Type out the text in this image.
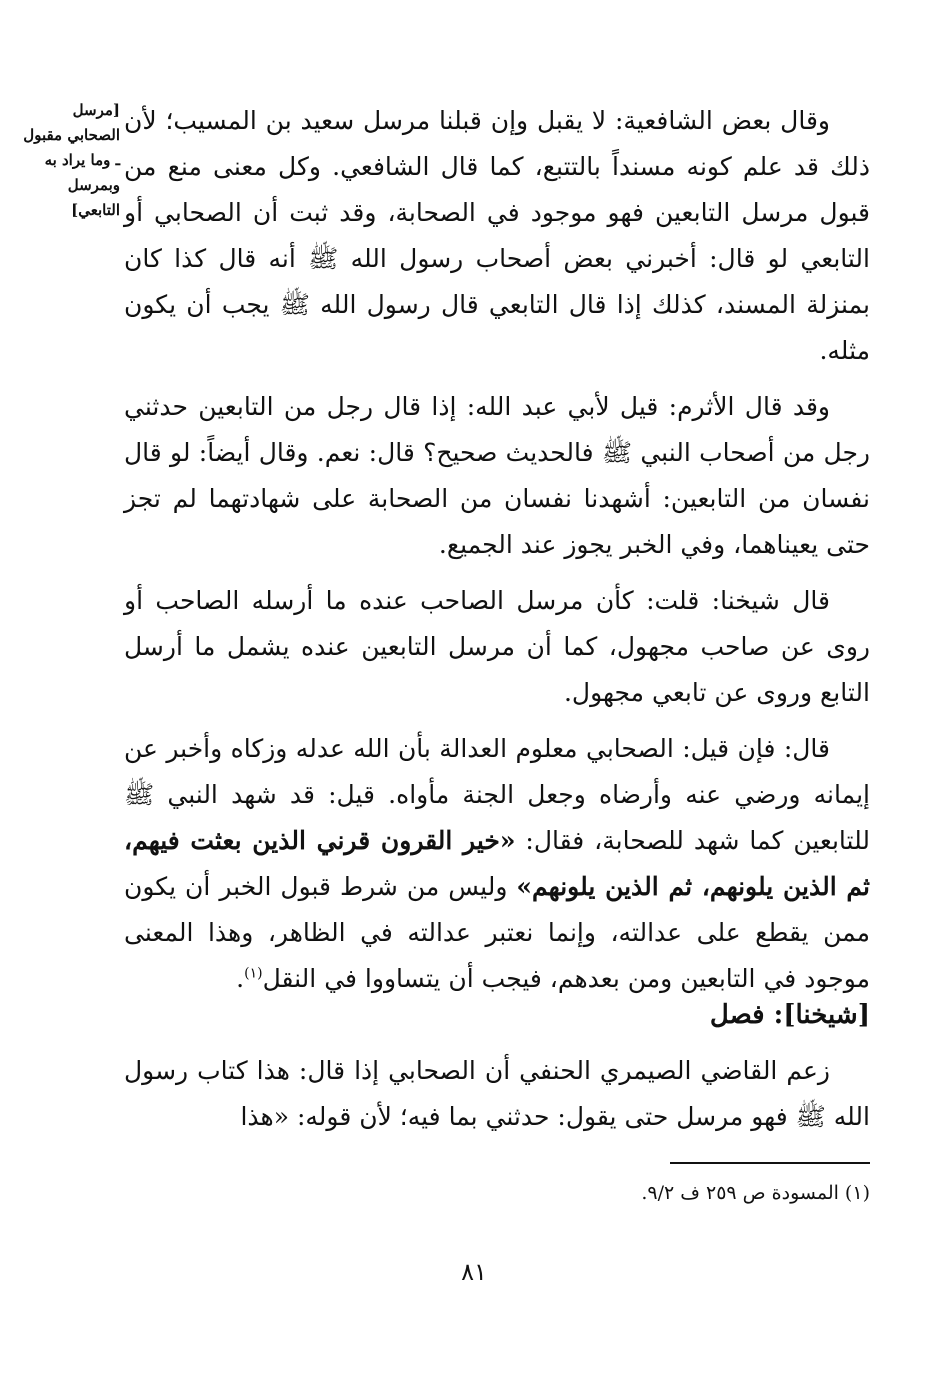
[مرسل الصحابي مقبول ـ وما يراد به وبمرسل التابعي]

وقال بعض الشافعية: لا يقبل وإن قبلنا مرسل سعيد بن المسيب؛ لأن ذلك قد علم كونه مسنداً بالتتبع، كما قال الشافعي. وكل معنى منع من قبول مرسل التابعين فهو موجود في الصحابة، وقد ثبت أن الصحابي أو التابعي لو قال: أخبرني بعض أصحاب رسول الله ﷺ أنه قال كذا كان بمنزلة المسند، كذلك إذا قال التابعي قال رسول الله ﷺ يجب أن يكون مثله.

وقد قال الأثرم: قيل لأبي عبد الله: إذا قال رجل من التابعين حدثني رجل من أصحاب النبي ﷺ فالحديث صحيح؟ قال: نعم. وقال أيضاً: لو قال نفسان من التابعين: أشهدنا نفسان من الصحابة على شهادتهما لم تجز حتى يعيناهما، وفي الخبر يجوز عند الجميع.

قال شيخنا: قلت: كأن مرسل الصاحب عنده ما أرسله الصاحب أو روى عن صاحب مجهول، كما أن مرسل التابعين عنده يشمل ما أرسل التابع وروى عن تابعي مجهول.

قال: فإن قيل: الصحابي معلوم العدالة بأن الله عدله وزكاه وأخبر عن إيمانه ورضي عنه وأرضاه وجعل الجنة مأواه. قيل: قد شهد النبي ﷺ للتابعين كما شهد للصحابة، فقال: «خير القرون قرني الذين بعثت فيهم، ثم الذين يلونهم، ثم الذين يلونهم» وليس من شرط قبول الخبر أن يكون ممن يقطع على عدالته، وإنما نعتبر عدالته في الظاهر، وهذا المعنى موجود في التابعين ومن بعدهم، فيجب أن يتساووا في النقل$^{(١)}$.

[شيخنا]: فصل

زعم القاضي الصيمري الحنفي أن الصحابي إذا قال: هذا كتاب رسول الله ﷺ فهو مرسل حتى يقول: حدثني بما فيه؛ لأن قوله: «هذا

(١) المسودة ص ٢٥٩ ف ٩/٢.
٨١
